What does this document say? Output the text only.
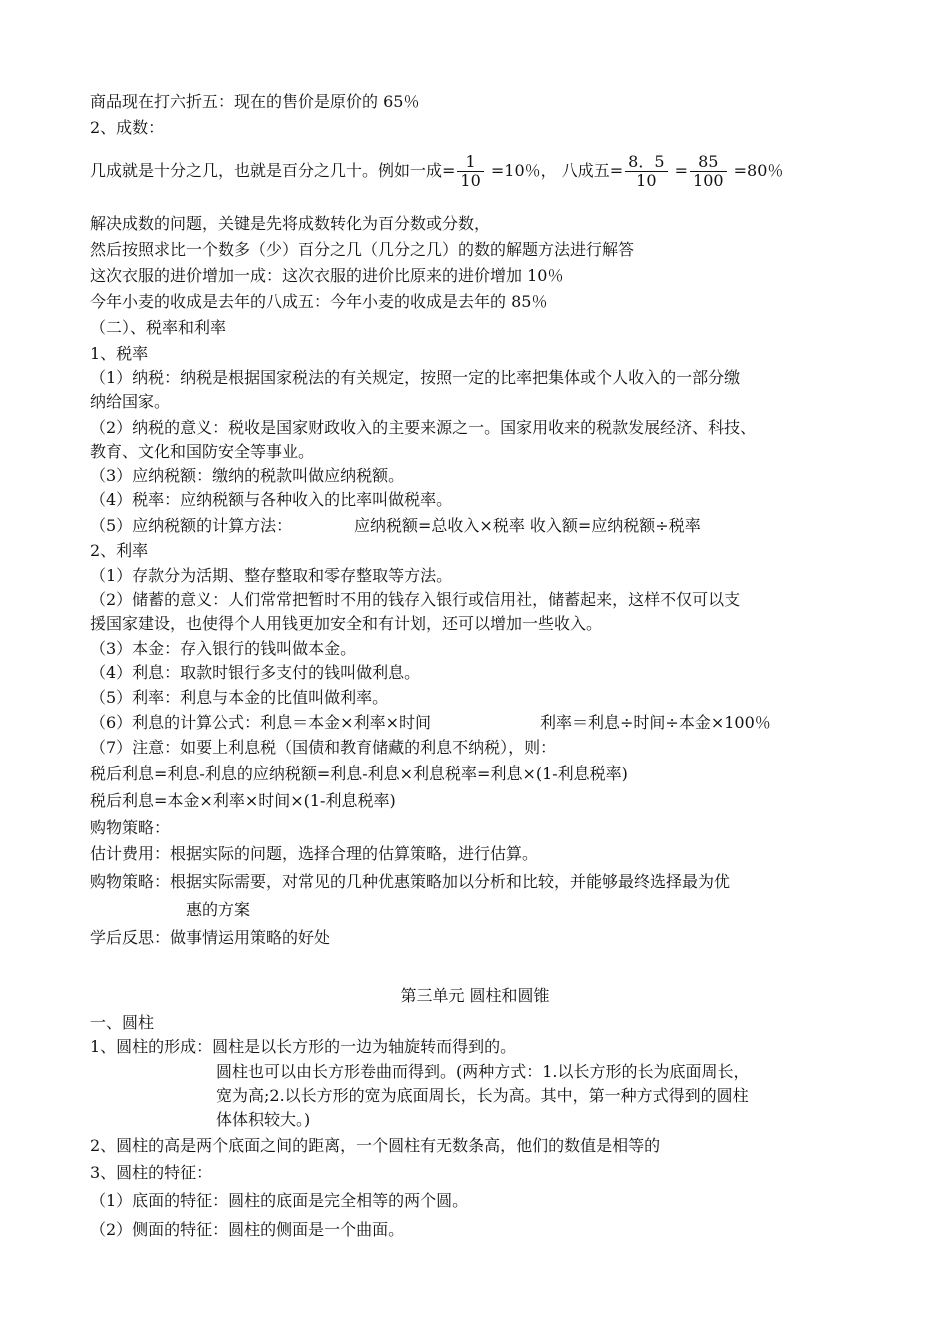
商品现在打六折五：现在的售价是原价的 65％
2、成数：
几成就是十分之几，也就是百分之几十。例如一成= $\frac{1}{10} =10$％， 八成五= $\frac{8.5}{10} = \frac{85}{100} =80$％
解决成数的问题，关键是先将成数转化为百分数或分数，
然后按照求比一个数多（少）百分之几（几分之几）的数的解题方法进行解答
这次衣服的进价增加一成：这次衣服的进价比原来的进价增加 10％
今年小麦的收成是去年的八成五：今年小麦的收成是去年的 85％
（二）、税率和利率
1、税率
（1）纳税：纳税是根据国家税法的有关规定，按照一定的比率把集体或个人收入的一部分缴
纳给国家。
（2）纳税的意义：税收是国家财政收入的主要来源之一。国家用收来的税款发展经济、科技、
教育、文化和国防安全等事业。
（3）应纳税额：缴纳的税款叫做应纳税额。
（4）税率：应纳税额与各种收入的比率叫做税率。
（5）应纳税额的计算方法：	应纳税额=总收入×税率 收入额=应纳税额÷税率
2、利率
（1）存款分为活期、整存整取和零存整取等方法。
（2）储蓄的意义：人们常常把暂时不用的钱存入银行或信用社，储蓄起来，这样不仅可以支
援国家建设，也使得个人用钱更加安全和有计划，还可以增加一些收入。
（3）本金：存入银行的钱叫做本金。
（4）利息：取款时银行多支付的钱叫做利息。
（5）利率：利息与本金的比值叫做利率。
（6）利息的计算公式：利息＝本金×利率×时间	利率＝利息÷时间÷本金×100％
（7）注意：如要上利息税（国债和教育储藏的利息不纳税），则：
税后利息=利息-利息的应纳税额=利息-利息×利息税率=利息×(1-利息税率)
税后利息=本金×利率×时间×(1-利息税率)
购物策略：
估计费用：根据实际的问题，选择合理的估算策略，进行估算。
购物策略：根据实际需要，对常见的几种优惠策略加以分析和比较，并能够最终选择最为优
惠的方案
学后反思：做事情运用策略的好处
第三单元 圆柱和圆锥
一、圆柱
1、圆柱的形成：圆柱是以长方形的一边为轴旋转而得到的。
圆柱也可以由长方形卷曲而得到。(两种方式：1.以长方形的长为底面周长，
宽为高;2.以长方形的宽为底面周长，长为高。其中，第一种方式得到的圆柱
体体积较大。)
2、圆柱的高是两个底面之间的距离，一个圆柱有无数条高，他们的数值是相等的
3、圆柱的特征：
（1）底面的特征：圆柱的底面是完全相等的两个圆。
（2）侧面的特征：圆柱的侧面是一个曲面。
